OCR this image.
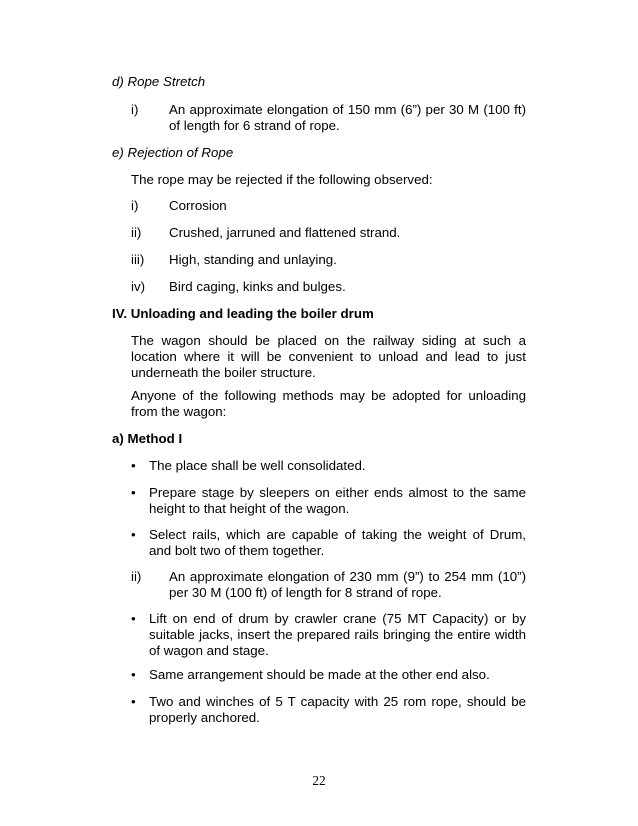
d) Rope Stretch
i) An approximate elongation of 150 mm (6”) per 30 M (100 ft) of length for 6 strand of rope.
e) Rejection of Rope
The rope may be rejected if the following observed:
i) Corrosion
ii) Crushed, jarruned and flattened strand.
iii) High, standing and unlaying.
iv) Bird caging, kinks and bulges.
IV. Unloading and leading the boiler drum
The wagon should be placed on the railway siding at such a location where it will be convenient to unload and lead to just underneath the boiler structure.
Anyone of the following methods may be adopted for unloading from the wagon:
a) Method I
• The place shall be well consolidated.
• Prepare stage by sleepers on either ends almost to the same height to that height of the wagon.
• Select rails, which are capable of taking the weight of Drum, and bolt two of them together.
ii) An approximate elongation of 230 mm (9”) to 254 mm (10”) per 30 M (100 ft) of length for 8 strand of rope.
• Lift on end of drum by crawler crane (75 MT Capacity) or by suitable jacks, insert the prepared rails bringing the entire width of wagon and stage.
• Same arrangement should be made at the other end also.
• Two and winches of 5 T capacity with 25 rom rope, should be properly anchored.
22
